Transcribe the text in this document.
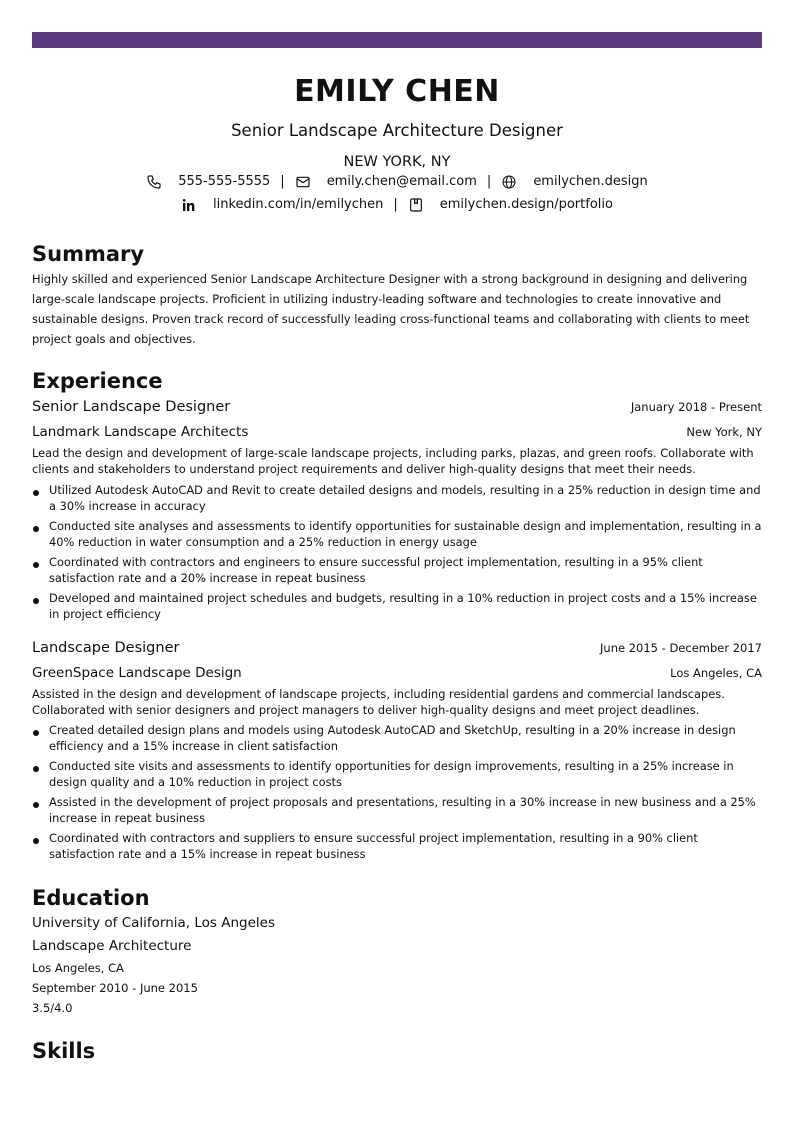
EMILY CHEN
Senior Landscape Architecture Designer
NEW YORK, NY
555-555-5555 |	emily.chen@email.com |	emilychen.design
linkedin.com/in/emilychen |	emilychen.design/portfolio
Summary
Highly skilled and experienced Senior Landscape Architecture Designer with a strong background in designing and delivering large-scale landscape projects. Proficient in utilizing industry-leading software and technologies to create innovative and sustainable designs. Proven track record of successfully leading cross-functional teams and collaborating with clients to meet project goals and objectives.
Experience
Senior Landscape Designer	January 2018 - Present
Landmark Landscape Architects	New York, NY
Lead the design and development of large-scale landscape projects, including parks, plazas, and green roofs. Collaborate with clients and stakeholders to understand project requirements and deliver high-quality designs that meet their needs.
Utilized Autodesk AutoCAD and Revit to create detailed designs and models, resulting in a 25% reduction in design time and a 30% increase in accuracy
Conducted site analyses and assessments to identify opportunities for sustainable design and implementation, resulting in a 40% reduction in water consumption and a 25% reduction in energy usage
Coordinated with contractors and engineers to ensure successful project implementation, resulting in a 95% client satisfaction rate and a 20% increase in repeat business
Developed and maintained project schedules and budgets, resulting in a 10% reduction in project costs and a 15% increase in project efficiency
Landscape Designer	June 2015 - December 2017
GreenSpace Landscape Design	Los Angeles, CA
Assisted in the design and development of landscape projects, including residential gardens and commercial landscapes. Collaborated with senior designers and project managers to deliver high-quality designs and meet project deadlines.
Created detailed design plans and models using Autodesk AutoCAD and SketchUp, resulting in a 20% increase in design efficiency and a 15% increase in client satisfaction
Conducted site visits and assessments to identify opportunities for design improvements, resulting in a 25% increase in design quality and a 10% reduction in project costs
Assisted in the development of project proposals and presentations, resulting in a 30% increase in new business and a 25% increase in repeat business
Coordinated with contractors and suppliers to ensure successful project implementation, resulting in a 90% client satisfaction rate and a 15% increase in repeat business
Education
University of California, Los Angeles
Landscape Architecture
Los Angeles, CA
September 2010 - June 2015
3.5/4.0
Skills
